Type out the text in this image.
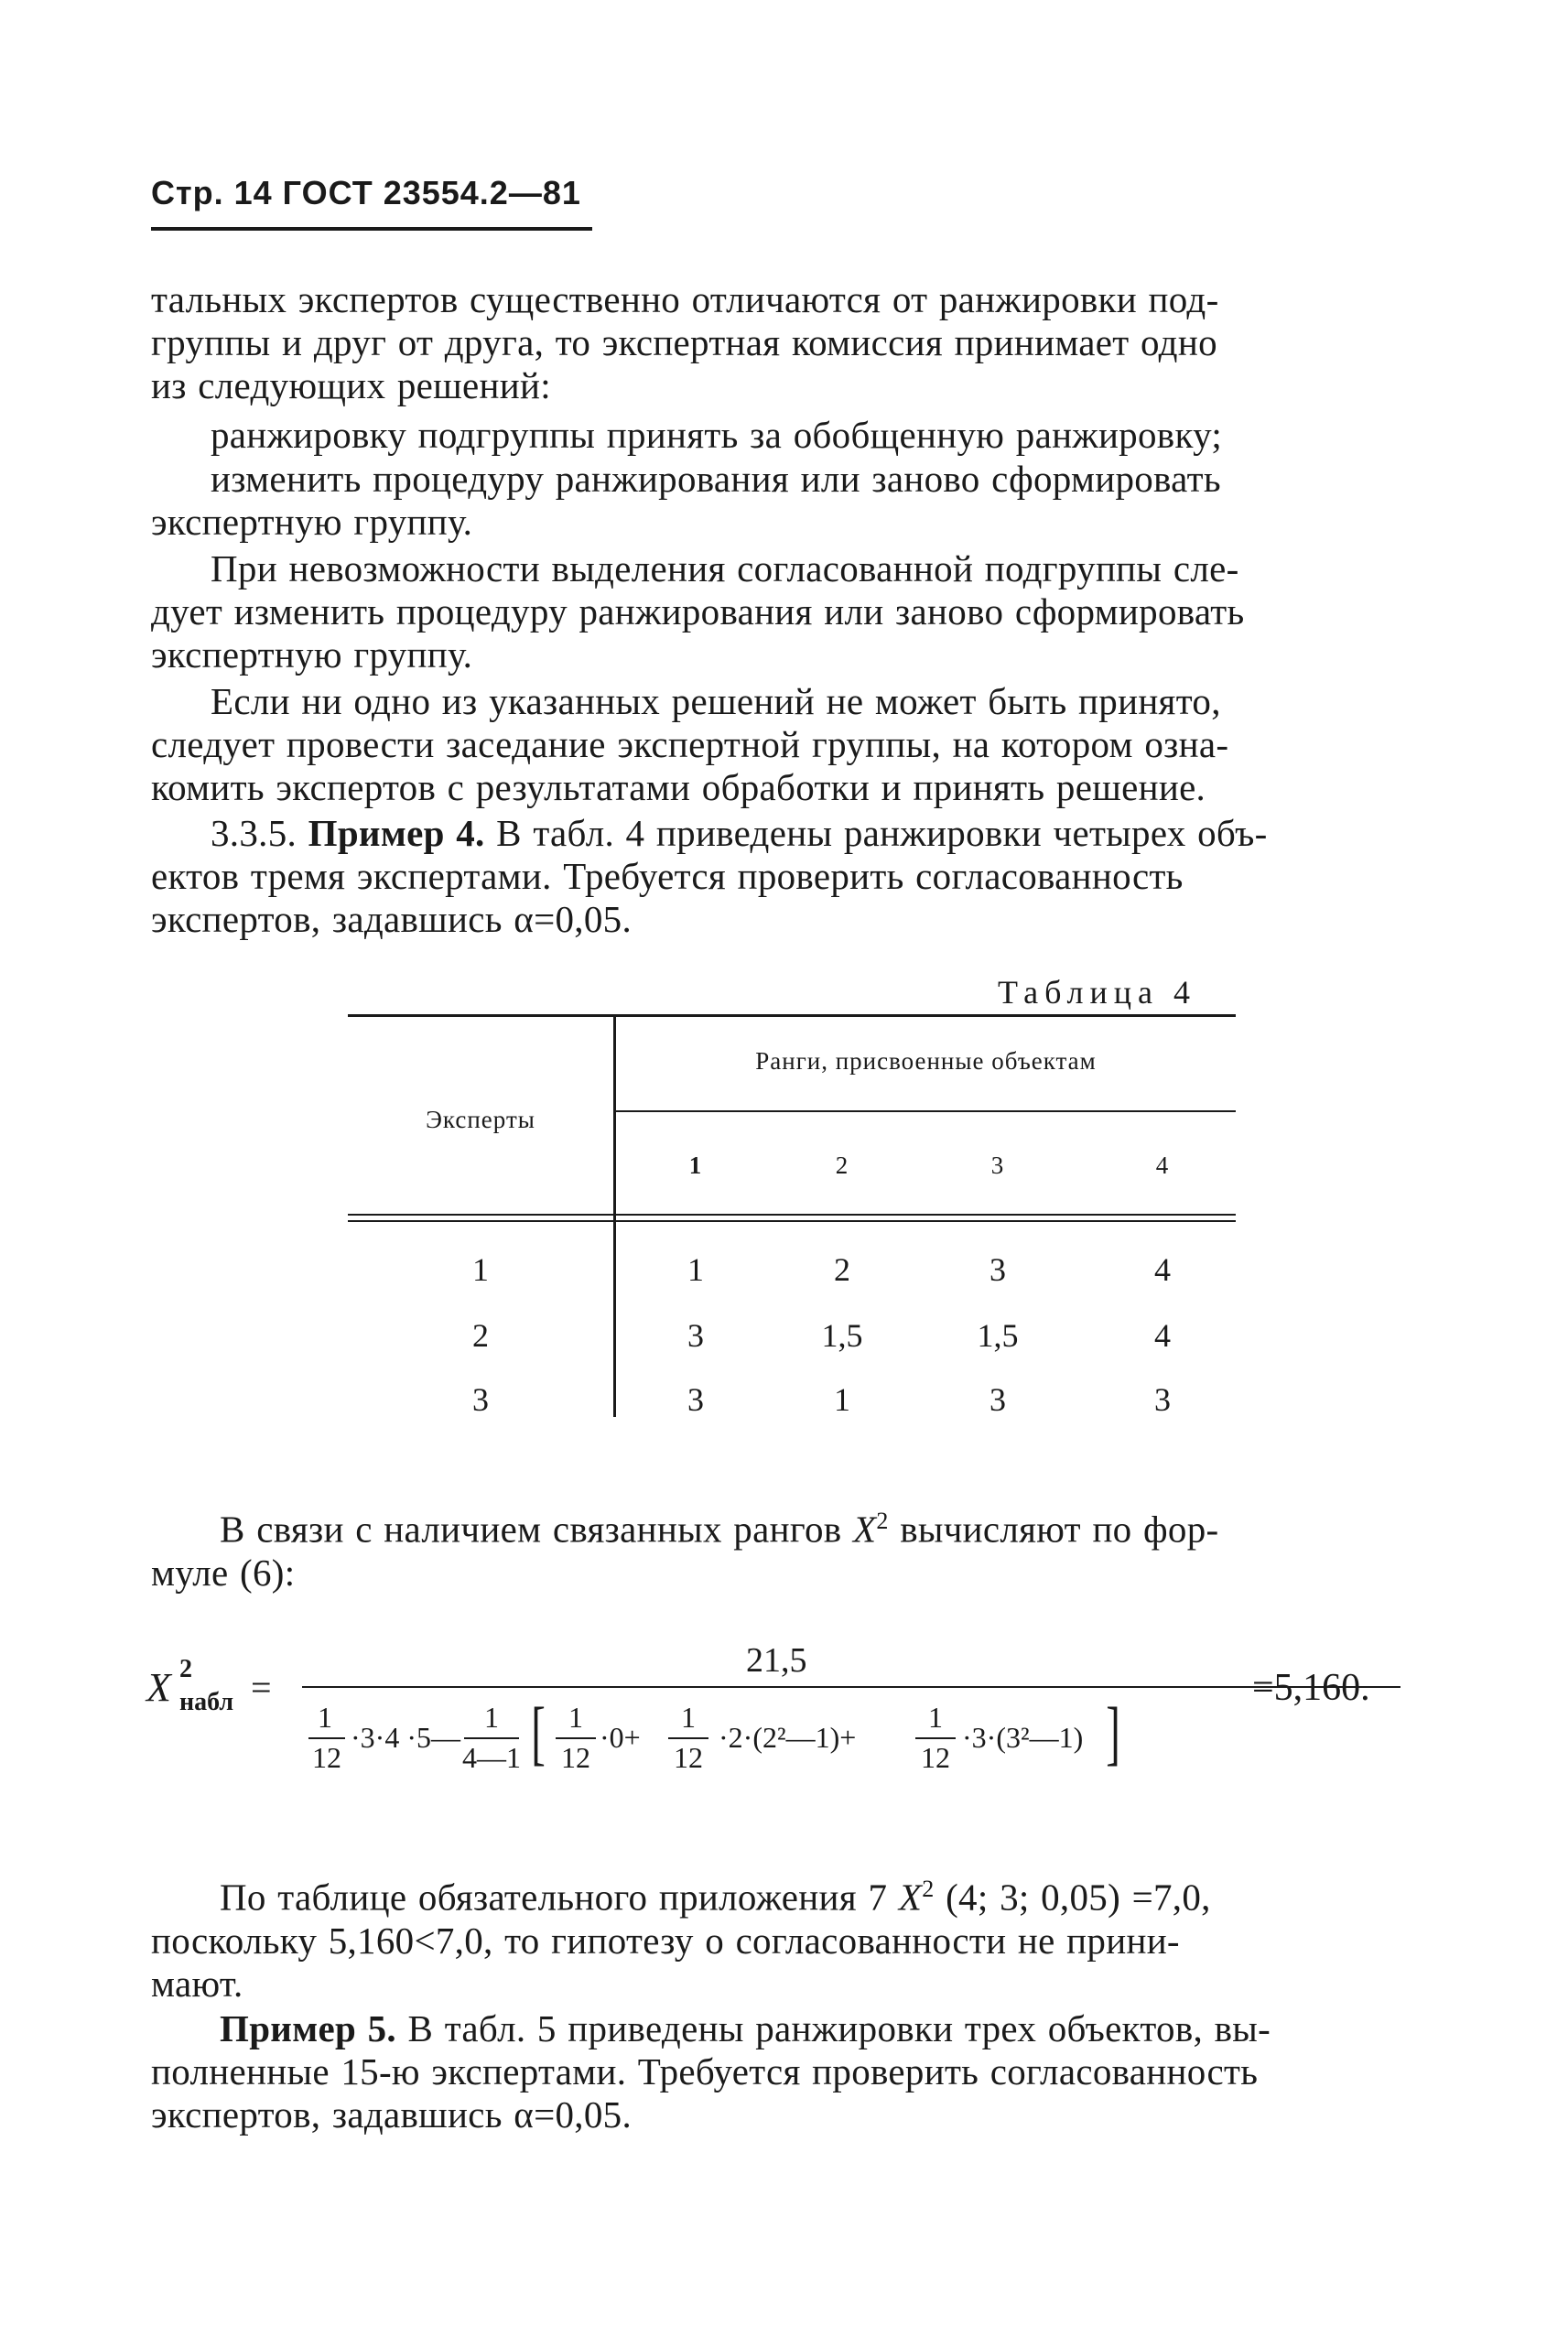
Стр. 14 ГОСТ 23554.2—81
тальных экспертов существенно отличаются от ранжировки под-
группы и друг от друга, то экспертная комиссия принимает одно
из следующих решений:
ранжировку подгруппы принять за обобщенную ранжировку;
изменить процедуру ранжирования или заново сформировать
экспертную группу.
При невозможности выделения согласованной подгруппы сле-
дует изменить процедуру ранжирования или заново сформировать
экспертную группу.
Если ни одно из указанных решений не может быть принято,
следует провести заседание экспертной группы, на котором озна-
комить экспертов с результатами обработки и принять решение.
3.3.5. Пример 4. В табл. 4 приведены ранжировки четырех объ-
ектов тремя экспертами. Требуется проверить согласованность
экспертов, задавшись α=0,05.
Таблица 4
Эксперты
Ранги, присвоенные объектам
1	2	3	4
1	1	2	3	4
2	3	1,5	1,5	4
3	3	1	3	3
В связи с наличием связанных рангов $X^2$ вычисляют по фор-
муле (6):
X 2
набл =
21,5
=5,160.
1
12
·3·4 ·5—
1
4—1 [ 1
12
·0+
1
12
·2·(2²—1)+
1
12
·3·(3²—1) ]
По таблице обязательного приложения 7 $X^2$ (4; 3; 0,05) =7,0,
поскольку 5,160<7,0, то гипотезу о согласованности не прини-
мают.
Пример 5. В табл. 5 приведены ранжировки трех объектов, вы-
полненные 15-ю экспертами. Требуется проверить согласованность
экспертов, задавшись α=0,05.
